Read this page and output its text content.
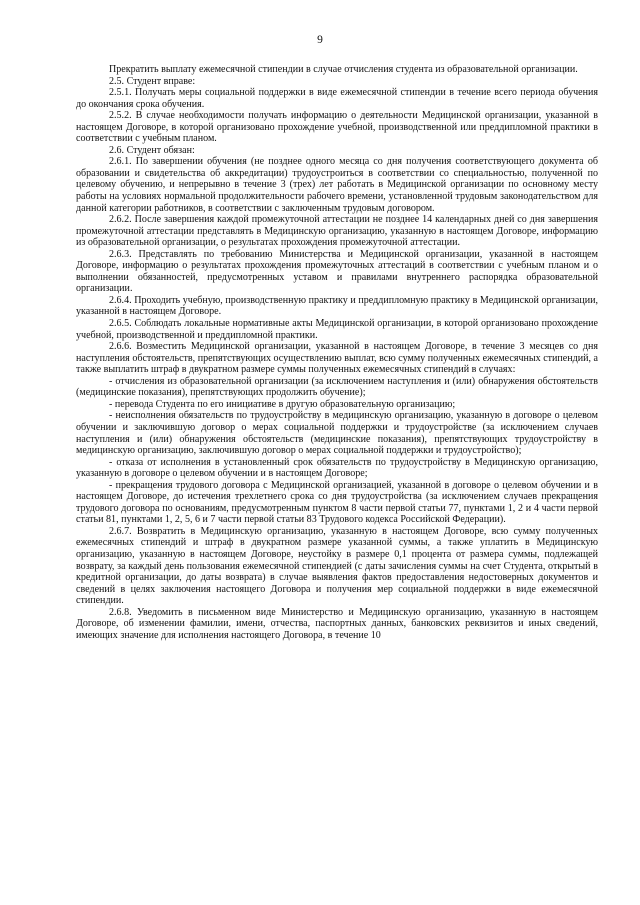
9

Прекратить выплату ежемесячной стипендии в случае отчисления студента из образовательной организации.

2.5. Студент вправе:

2.5.1. Получать меры социальной поддержки в виде ежемесячной стипендии в течение всего периода обучения до окончания срока обучения.

2.5.2. В случае необходимости получать информацию о деятельности Медицинской организации, указанной в настоящем Договоре, в которой организовано прохождение учебной, производственной или преддипломной практики в соответствии с учебным планом.

2.6. Студент обязан:

2.6.1. По завершении обучения (не позднее одного месяца со дня получения соответствующего документа об образовании и свидетельства об аккредитации) трудоустроиться в соответствии со специальностью, полученной по целевому обучению, и непрерывно в течение 3 (трех) лет работать в Медицинской организации по основному месту работы на условиях нормальной продолжительности рабочего времени, установленной трудовым законодательством для данной категории работников, в соответствии с заключенным трудовым договором.

2.6.2. После завершения каждой промежуточной аттестации не позднее 14 календарных дней со дня завершения промежуточной аттестации представлять в Медицинскую организацию, указанную в настоящем Договоре, информацию из образовательной организации, о результатах прохождения промежуточной аттестации.

2.6.3. Представлять по требованию Министерства и Медицинской организации, указанной в настоящем Договоре, информацию о результатах прохождения промежуточных аттестаций в соответствии с учебным планом и о выполнении обязанностей, предусмотренных уставом и правилами внутреннего распорядка образовательной организации.

2.6.4. Проходить учебную, производственную практику и преддипломную практику в Медицинской организации, указанной в настоящем Договоре.

2.6.5. Соблюдать локальные нормативные акты Медицинской организации, в которой организовано прохождение учебной, производственной и преддипломной практики.

2.6.6. Возместить Медицинской организации, указанной в настоящем Договоре, в течение 3 месяцев со дня наступления обстоятельств, препятствующих осуществлению выплат, всю сумму полученных ежемесячных стипендий, а также выплатить штраф в двукратном размере суммы полученных ежемесячных стипендий в случаях:

- отчисления из образовательной организации (за исключением наступления и (или) обнаружения обстоятельств (медицинские показания), препятствующих продолжить обучение);

- перевода Студента по его инициативе в другую образовательную организацию;

- неисполнения обязательств по трудоустройству в медицинскую организацию, указанную в договоре о целевом обучении и заключившую договор о мерах социальной поддержки и трудоустройстве (за исключением случаев наступления и (или) обнаружения обстоятельств (медицинские показания), препятствующих трудоустройству в медицинскую организацию, заключившую договор о мерах социальной поддержки и трудоустройство);

- отказа от исполнения в установленный срок обязательств по трудоустройству в Медицинскую организацию, указанную в договоре о целевом обучении и в настоящем Договоре;

- прекращения трудового договора с Медицинской организацией, указанной в договоре о целевом обучении и в настоящем Договоре, до истечения трехлетнего срока со дня трудоустройства (за исключением случаев прекращения трудового договора по основаниям, предусмотренным пунктом 8 части первой статьи 77, пунктами 1, 2 и 4 части первой статьи 81, пунктами 1, 2, 5, 6 и 7 части первой статьи 83 Трудового кодекса Российской Федерации).

2.6.7. Возвратить в Медицинскую организацию, указанную в настоящем Договоре, всю сумму полученных ежемесячных стипендий и штраф в двукратном размере указанной суммы, а также уплатить в Медицинскую организацию, указанную в настоящем Договоре, неустойку в размере 0,1 процента от размера суммы, подлежащей возврату, за каждый день пользования ежемесячной стипендией (с даты зачисления суммы на счет Студента, открытый в кредитной организации, до даты возврата) в случае выявления фактов предоставления недостоверных документов и сведений в целях заключения настоящего Договора и получения мер социальной поддержки в виде ежемесячной стипендии.

2.6.8. Уведомить в письменном виде Министерство и Медицинскую организацию, указанную в настоящем Договоре, об изменении фамилии, имени, отчества, паспортных данных, банковских реквизитов и иных сведений, имеющих значение для исполнения настоящего Договора, в течение 10
